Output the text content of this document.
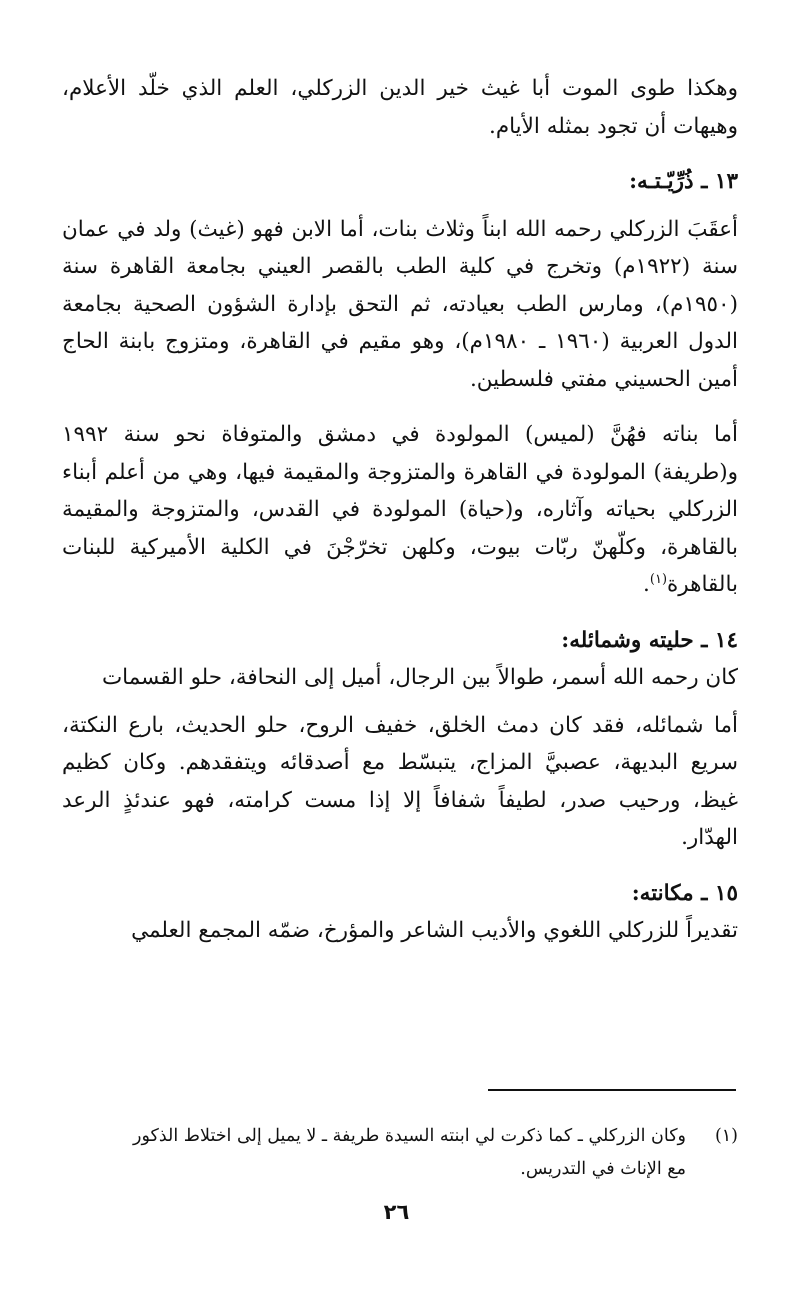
وهكذا طوى الموت أبا غيث خير الدين الزركلي، العلم الذي خلّد الأعلام، وهيهات أن تجود بمثله الأيام.

١٣ ـ ذُرِّيّـتـه:

أعقَبَ الزركلي رحمه الله ابناً وثلاث بنات، أما الابن فهو (غيث) ولد في عمان سنة (١٩٢٢م) وتخرج في كلية الطب بالقصر العيني بجامعة القاهرة سنة (١٩٥٠م)، ومارس الطب بعيادته، ثم التحق بإدارة الشؤون الصحية بجامعة الدول العربية (١٩٦٠ ـ ١٩٨٠م)، وهو مقيم في القاهرة، ومتزوج بابنة الحاج أمين الحسيني مفتي فلسطين.

أما بناته فهُنَّ (لميس) المولودة في دمشق والمتوفاة نحو سنة ١٩٩٢ و(طريفة) المولودة في القاهرة والمتزوجة والمقيمة فيها، وهي من أعلم أبناء الزركلي بحياته وآثاره، و(حياة) المولودة في القدس، والمتزوجة والمقيمة بالقاهرة، وكلّهنّ ربّات بيوت، وكلهن تخرّجْنَ في الكلية الأميركية للبنات بالقاهرة$^{(١)}$.

١٤ ـ حليته وشمائله:

كان رحمه الله أسمر، طوالاً بين الرجال، أميل إلى النحافة، حلو القسمات

أما شمائله، فقد كان دمث الخلق، خفيف الروح، حلو الحديث، بارع النكتة، سريع البديهة، عصبيَّ المزاج، يتبسّط مع أصدقائه ويتفقدهم. وكان كظيم غيظ، ورحيب صدر، لطيفاً شفافاً إلا إذا مست كرامته، فهو عندئذٍ الرعد الهدّار.

١٥ ـ مكانته:

تقديراً للزركلي اللغوي والأديب الشاعر والمؤرخ، ضمّه المجمع العلمي

(١)وكان الزركلي ـ كما ذكرت لي ابنته السيدة طريفة ـ لا يميل إلى اختلاط الذكور
مع الإناث في التدريس.
٢٦
